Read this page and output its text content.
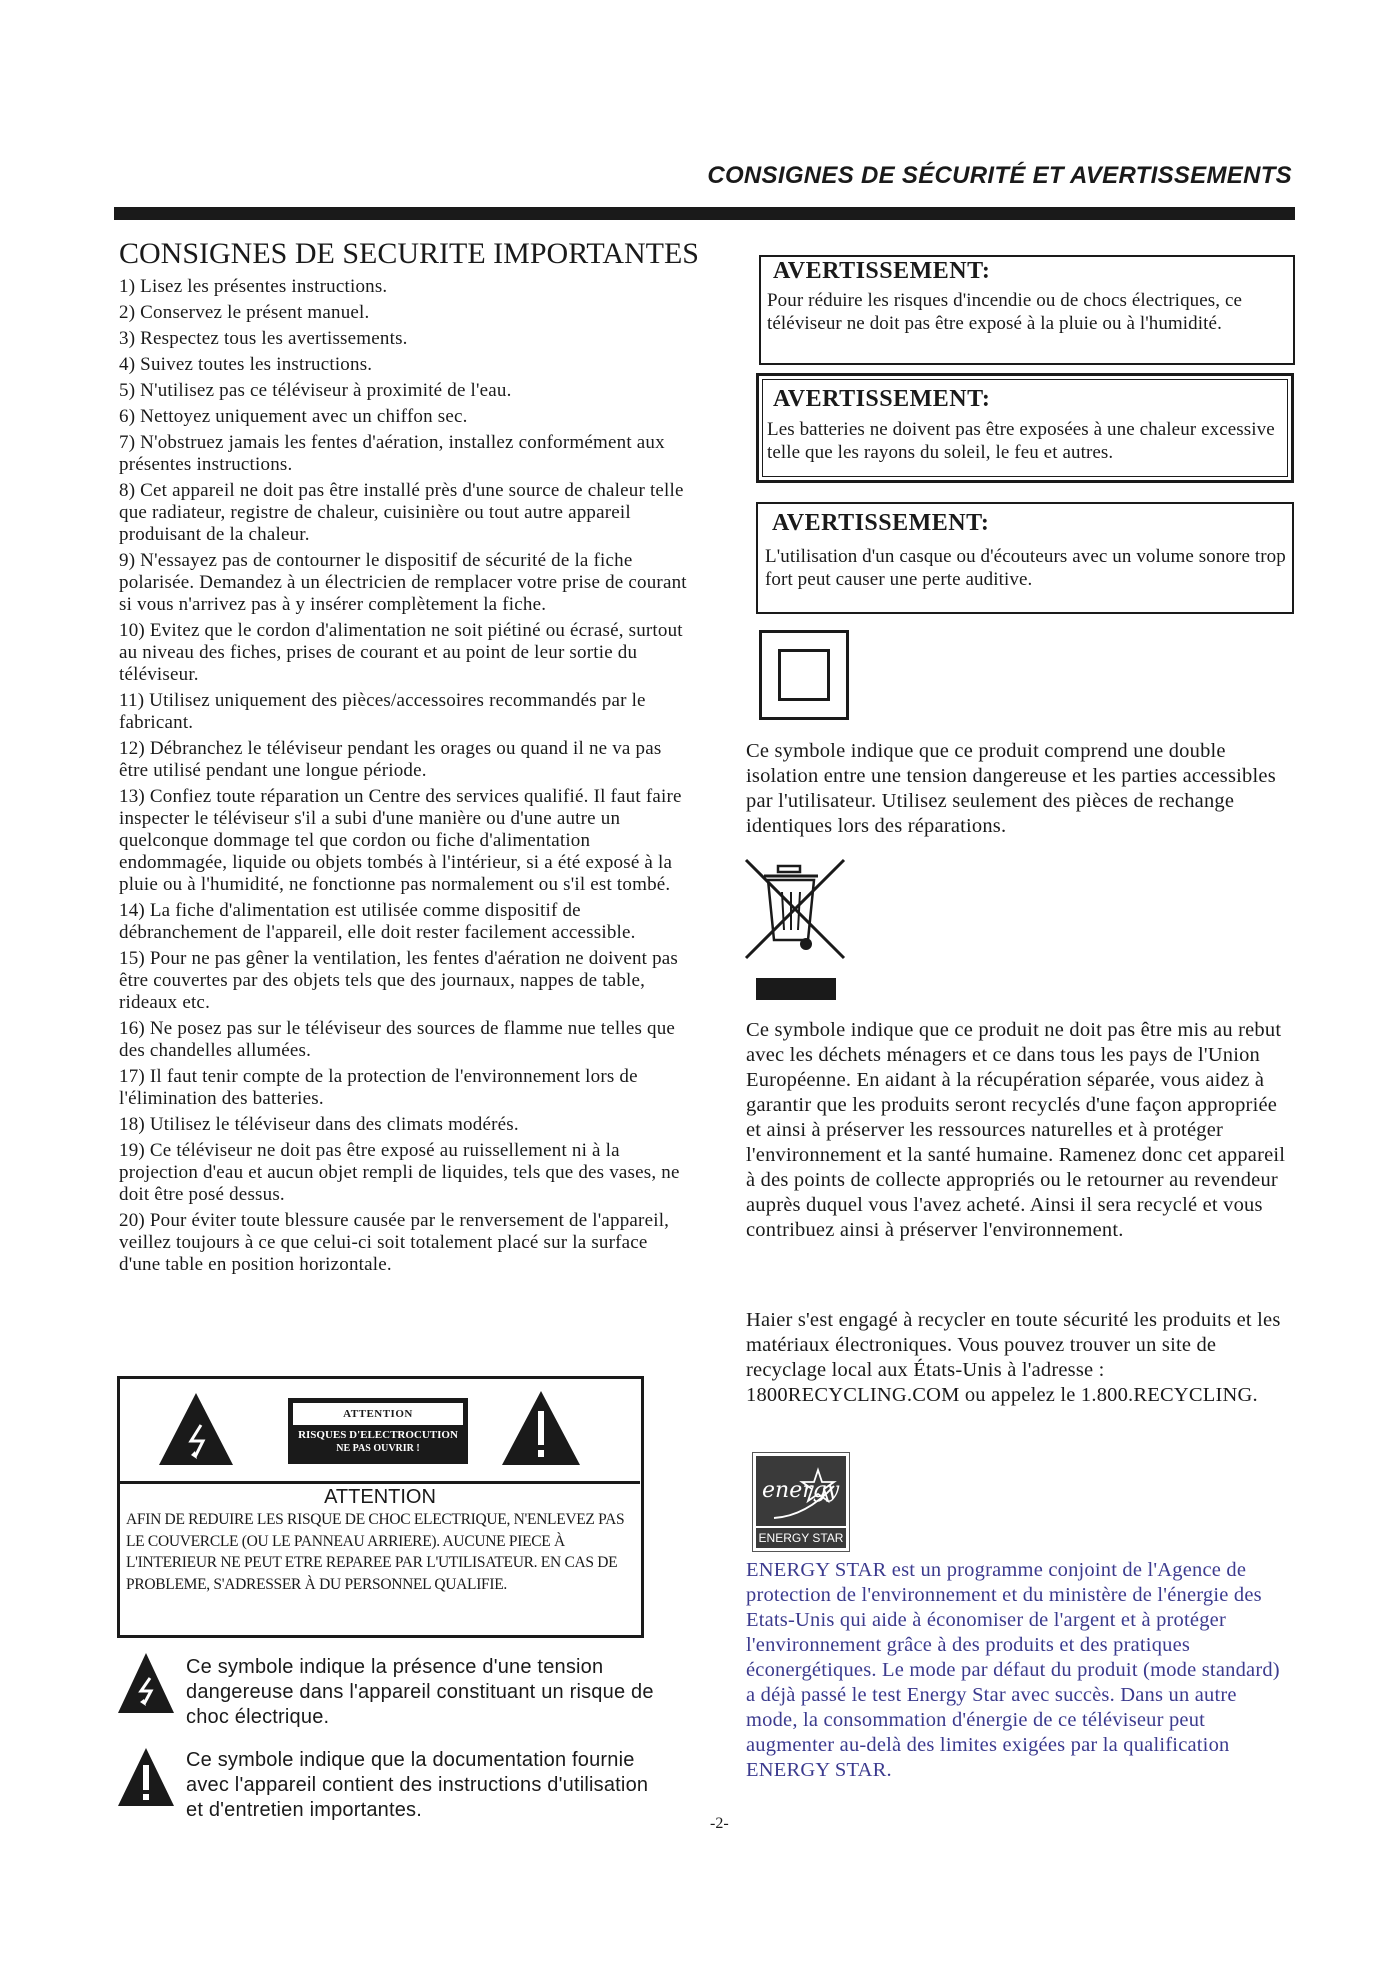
CONSIGNES DE SÉCURITÉ ET AVERTISSEMENTS
CONSIGNES DE SECURITE IMPORTANTES
1) Lisez les présentes instructions.
2) Conservez le présent manuel.
3) Respectez tous les avertissements.
4) Suivez toutes les instructions.
5) N'utilisez pas ce téléviseur à proximité de l'eau.
6) Nettoyez uniquement avec un chiffon sec.
7) N'obstruez jamais les fentes d'aération, installez conformément aux présentes instructions.
8) Cet appareil ne doit pas être installé près d'une source de chaleur telle que radiateur, registre de chaleur, cuisinière ou tout autre appareil produisant de la chaleur.
9) N'essayez pas de contourner le dispositif de sécurité de la fiche polarisée. Demandez à un électricien de remplacer votre prise de courant si vous n'arrivez pas à y insérer complètement la fiche.
10) Evitez que le cordon d'alimentation ne soit piétiné ou écrasé, surtout au niveau des fiches, prises de courant et au point de leur sortie du téléviseur.
11) Utilisez uniquement des pièces/accessoires recommandés par le fabricant.
12) Débranchez le téléviseur pendant les orages ou quand il ne va pas être utilisé pendant une longue période.
13) Confiez toute réparation un Centre des services qualifié. Il faut faire inspecter le téléviseur s'il a subi d'une manière ou d'une autre un quelconque dommage tel que cordon ou fiche d'alimentation endommagée, liquide ou objets tombés à l'intérieur, si a été exposé à la pluie ou à l'humidité, ne fonctionne pas normalement ou s'il est tombé.
14) La fiche d'alimentation est utilisée comme dispositif de débranchement de l'appareil, elle doit rester facilement accessible.
15) Pour ne pas gêner la ventilation, les fentes d'aération ne doivent pas être couvertes par des objets tels que des journaux, nappes de table, rideaux etc.
16) Ne posez pas sur le téléviseur des sources de flamme nue telles que des chandelles allumées.
17) Il faut tenir compte de la protection de l'environnement lors de l'élimination des batteries.
18) Utilisez le téléviseur dans des climats modérés.
19) Ce téléviseur ne doit pas être exposé au ruissellement ni à la projection d'eau et aucun objet rempli de liquides, tels que des vases, ne doit être posé dessus.
20) Pour éviter toute blessure causée par le renversement de l'appareil, veillez toujours à ce que celui-ci soit totalement placé sur la surface d'une table en position horizontale.
ATTENTION
RISQUES D'ELECTROCUTION
NE PAS OUVRIR !
ATTENTION
AFIN DE REDUIRE LES RISQUE DE CHOC ELECTRIQUE, N'ENLEVEZ PAS LE COUVERCLE (OU LE PANNEAU ARRIERE). AUCUNE PIECE À L'INTERIEUR NE PEUT ETRE REPAREE PAR L'UTILISATEUR. EN CAS DE PROBLEME, S'ADRESSER À DU PERSONNEL QUALIFIE.
Ce symbole indique la présence d'une tension dangereuse dans l'appareil constituant un risque de choc électrique.
Ce symbole indique que la documentation fournie avec l'appareil contient des instructions d'utilisation et d'entretien importantes.
AVERTISSEMENT:
Pour réduire les risques d'incendie ou de chocs électriques, ce téléviseur ne doit pas être exposé à la pluie ou à l'humidité.
AVERTISSEMENT:
Les batteries ne doivent pas être exposées à une chaleur excessive telle que les rayons du soleil, le feu et autres.
AVERTISSEMENT:
L'utilisation d'un casque ou d'écouteurs avec un volume sonore trop fort peut causer une perte auditive.
Ce symbole indique que ce produit comprend une double isolation entre une tension dangereuse et les parties accessibles par l'utilisateur. Utilisez seulement des pièces de rechange identiques lors des réparations.
Ce symbole indique que ce produit ne doit pas être mis au rebut avec les déchets ménagers et ce dans tous les pays de l'Union Européenne. En aidant à la récupération séparée, vous aidez à garantir que les produits seront recyclés d'une façon appropriée et ainsi à préserver les ressources naturelles et à protéger l'environnement et la santé humaine. Ramenez donc cet appareil à des points de collecte appropriés ou le retourner au revendeur auprès duquel vous l'avez acheté. Ainsi il sera recyclé et vous contribuez ainsi à préserver l'environnement.
Haier s'est engagé à recycler en toute sécurité les produits et les matériaux électroniques. Vous pouvez trouver un site de recyclage local aux États-Unis à l'adresse : 1800RECYCLING.COM ou appelez le 1.800.RECYCLING.
energy
ENERGY STAR
ENERGY STAR est un programme conjoint de l'Agence de protection de l'environnement et du ministère de l'énergie des Etats-Unis qui aide à économiser de l'argent et à protéger l'environnement grâce à des produits et des pratiques éconergétiques. Le mode par défaut du produit (mode standard) a déjà passé le test Energy Star avec succès. Dans un autre mode, la consommation d'énergie de ce téléviseur peut augmenter au-delà des limites exigées par la qualification ENERGY STAR.
-2-
